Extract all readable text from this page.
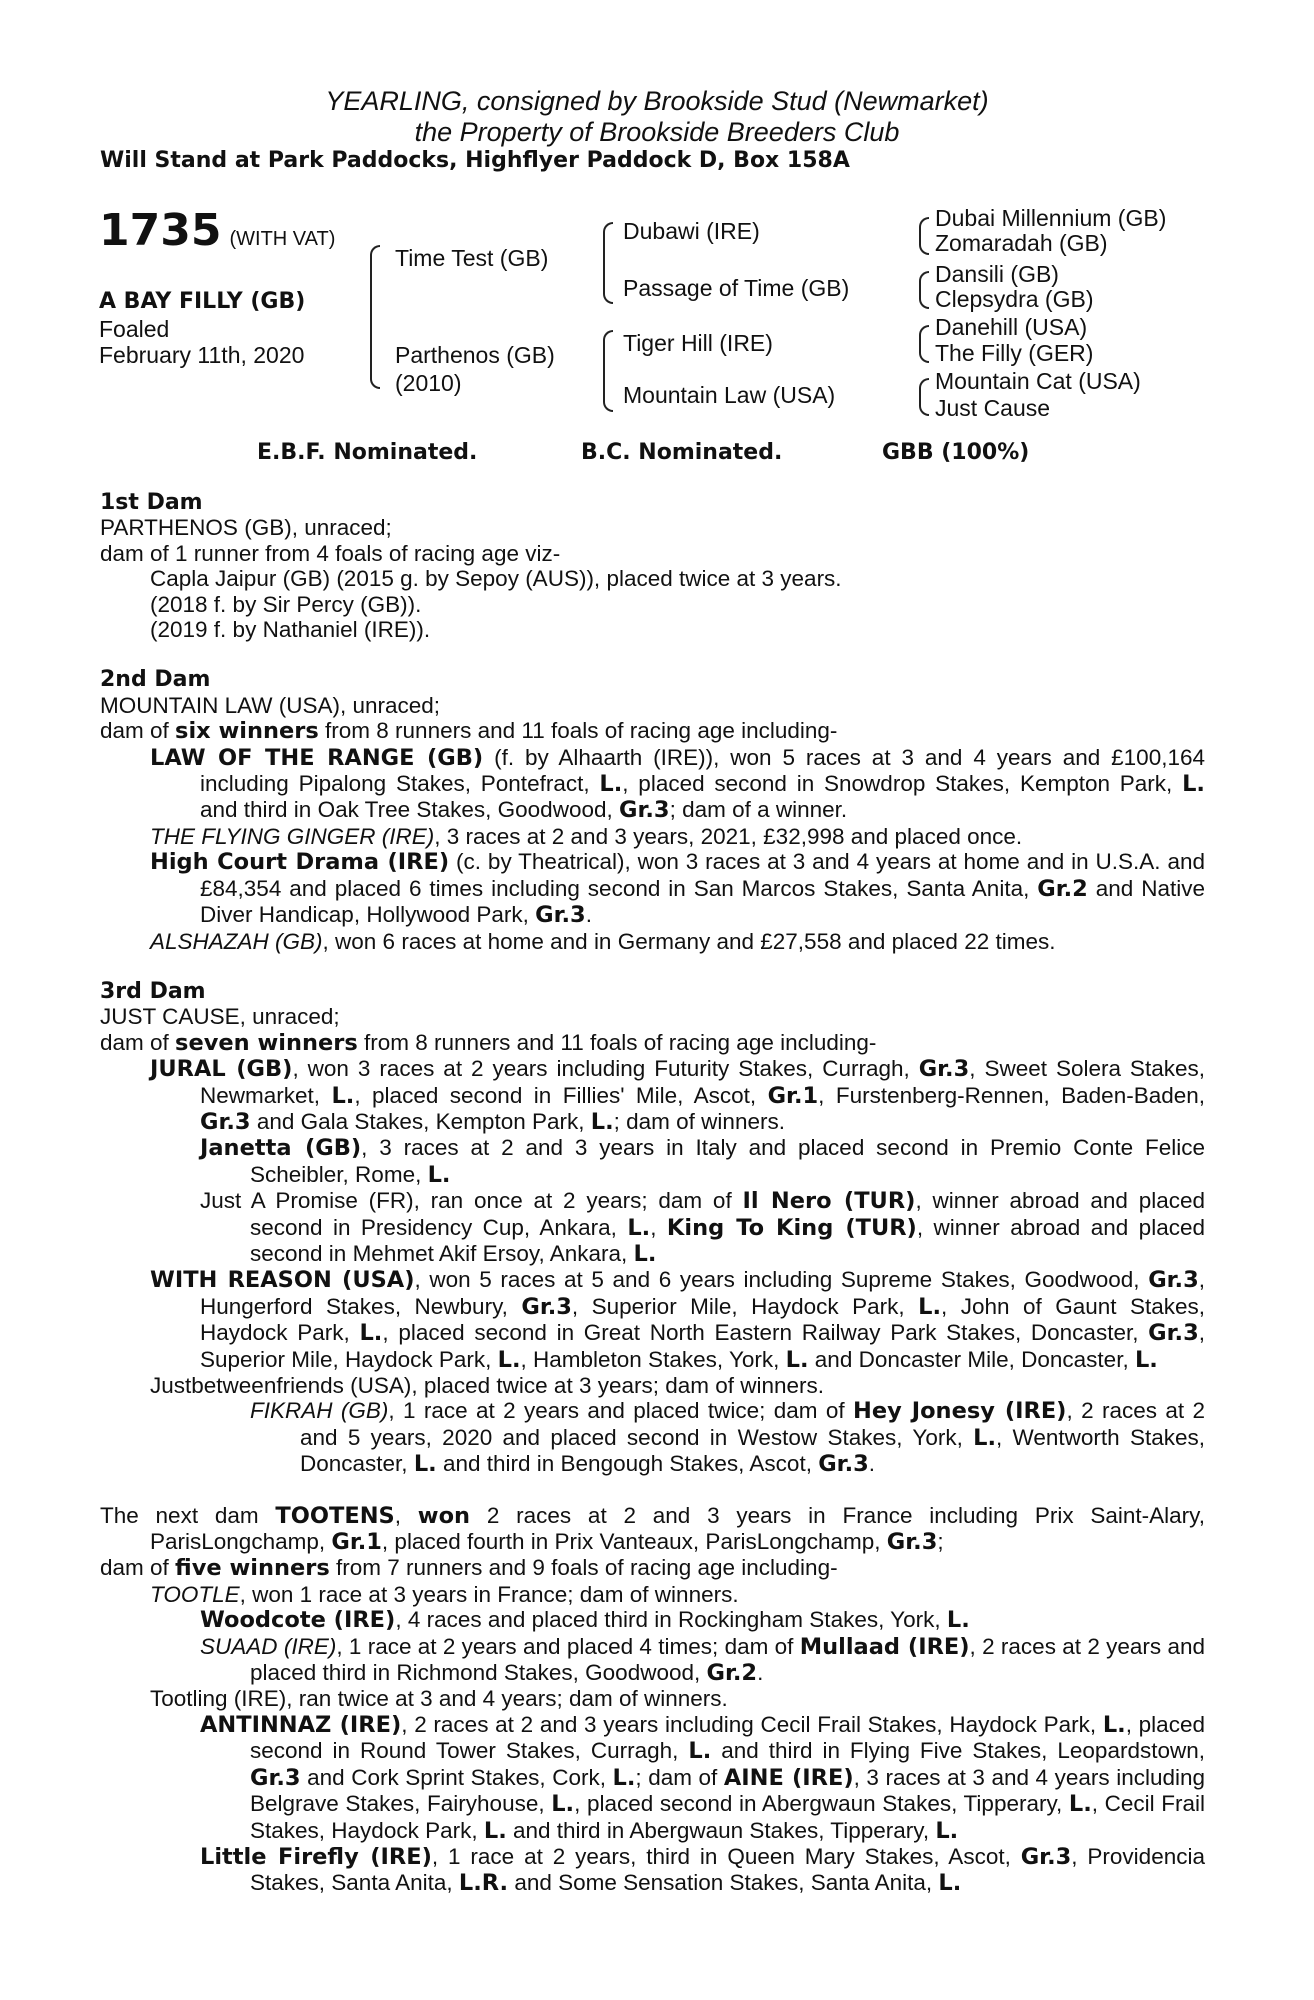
YEARLING, consigned by Brookside Stud (Newmarket)
the Property of Brookside Breeders Club
Will Stand at Park Paddocks, Highflyer Paddock D, Box 158A
1735 (WITH VAT)
A BAY FILLY (GB)
Foaled
February 11th, 2020
Time Test (GB)
Parthenos (GB)
(2010)
Dubawi (IRE)
Passage of Time (GB)
Tiger Hill (IRE)
Mountain Law (USA)
Dubai Millennium (GB)
Zomaradah (GB)
Dansili (GB)
Clepsydra (GB)
Danehill (USA)
The Filly (GER)
Mountain Cat (USA)
Just Cause
E.B.F. Nominated.	B.C. Nominated.	GBB (100%)

1st Dam

PARTHENOS (GB), unraced;

dam of 1 runner from 4 foals of racing age viz-

Capla Jaipur (GB) (2015 g. by Sepoy (AUS)), placed twice at 3 years.

(2018 f. by Sir Percy (GB)).

(2019 f. by Nathaniel (IRE)).

2nd Dam

MOUNTAIN LAW (USA), unraced;

dam of six winners from 8 runners and 11 foals of racing age including-

LAW OF THE RANGE (GB) (f. by Alhaarth (IRE)), won 5 races at 3 and 4 years and £100,164 including Pipalong Stakes, Pontefract, L., placed second in Snowdrop Stakes, Kempton Park, L. and third in Oak Tree Stakes, Goodwood, Gr.3; dam of a winner.

THE FLYING GINGER (IRE), 3 races at 2 and 3 years, 2021, £32,998 and placed once.

High Court Drama (IRE) (c. by Theatrical), won 3 races at 3 and 4 years at home and in U.S.A. and £84,354 and placed 6 times including second in San Marcos Stakes, Santa Anita, Gr.2 and Native Diver Handicap, Hollywood Park, Gr.3.

ALSHAZAH (GB), won 6 races at home and in Germany and £27,558 and placed 22 times.

3rd Dam

JUST CAUSE, unraced;

dam of seven winners from 8 runners and 11 foals of racing age including-

JURAL (GB), won 3 races at 2 years including Futurity Stakes, Curragh, Gr.3, Sweet Solera Stakes, Newmarket, L., placed second in Fillies' Mile, Ascot, Gr.1, Furstenberg-Rennen, Baden-Baden, Gr.3 and Gala Stakes, Kempton Park, L.; dam of winners.

Janetta (GB), 3 races at 2 and 3 years in Italy and placed second in Premio Conte Felice Scheibler, Rome, L.

Just A Promise (FR), ran once at 2 years; dam of Il Nero (TUR), winner abroad and placed second in Presidency Cup, Ankara, L., King To King (TUR), winner abroad and placed second in Mehmet Akif Ersoy, Ankara, L.

WITH REASON (USA), won 5 races at 5 and 6 years including Supreme Stakes, Goodwood, Gr.3, Hungerford Stakes, Newbury, Gr.3, Superior Mile, Haydock Park, L., John of Gaunt Stakes, Haydock Park, L., placed second in Great North Eastern Railway Park Stakes, Doncaster, Gr.3, Superior Mile, Haydock Park, L., Hambleton Stakes, York, L. and Doncaster Mile, Doncaster, L.

Justbetweenfriends (USA), placed twice at 3 years; dam of winners.

FIKRAH (GB), 1 race at 2 years and placed twice; dam of Hey Jonesy (IRE), 2 races at 2 and 5 years, 2020 and placed second in Westow Stakes, York, L., Wentworth Stakes, Doncaster, L. and third in Bengough Stakes, Ascot, Gr.3.

The next dam TOOTENS, won 2 races at 2 and 3 years in France including Prix Saint-Alary, ParisLongchamp, Gr.1, placed fourth in Prix Vanteaux, ParisLongchamp, Gr.3;

dam of five winners from 7 runners and 9 foals of racing age including-

TOOTLE, won 1 race at 3 years in France; dam of winners.

Woodcote (IRE), 4 races and placed third in Rockingham Stakes, York, L.

SUAAD (IRE), 1 race at 2 years and placed 4 times; dam of Mullaad (IRE), 2 races at 2 years and placed third in Richmond Stakes, Goodwood, Gr.2.

Tootling (IRE), ran twice at 3 and 4 years; dam of winners.

ANTINNAZ (IRE), 2 races at 2 and 3 years including Cecil Frail Stakes, Haydock Park, L., placed second in Round Tower Stakes, Curragh, L. and third in Flying Five Stakes, Leopardstown, Gr.3 and Cork Sprint Stakes, Cork, L.; dam of AINE (IRE), 3 races at 3 and 4 years including Belgrave Stakes, Fairyhouse, L., placed second in Abergwaun Stakes, Tipperary, L., Cecil Frail Stakes, Haydock Park, L. and third in Abergwaun Stakes, Tipperary, L.

Little Firefly (IRE), 1 race at 2 years, third in Queen Mary Stakes, Ascot, Gr.3, Providencia Stakes, Santa Anita, L.R. and Some Sensation Stakes, Santa Anita, L.
